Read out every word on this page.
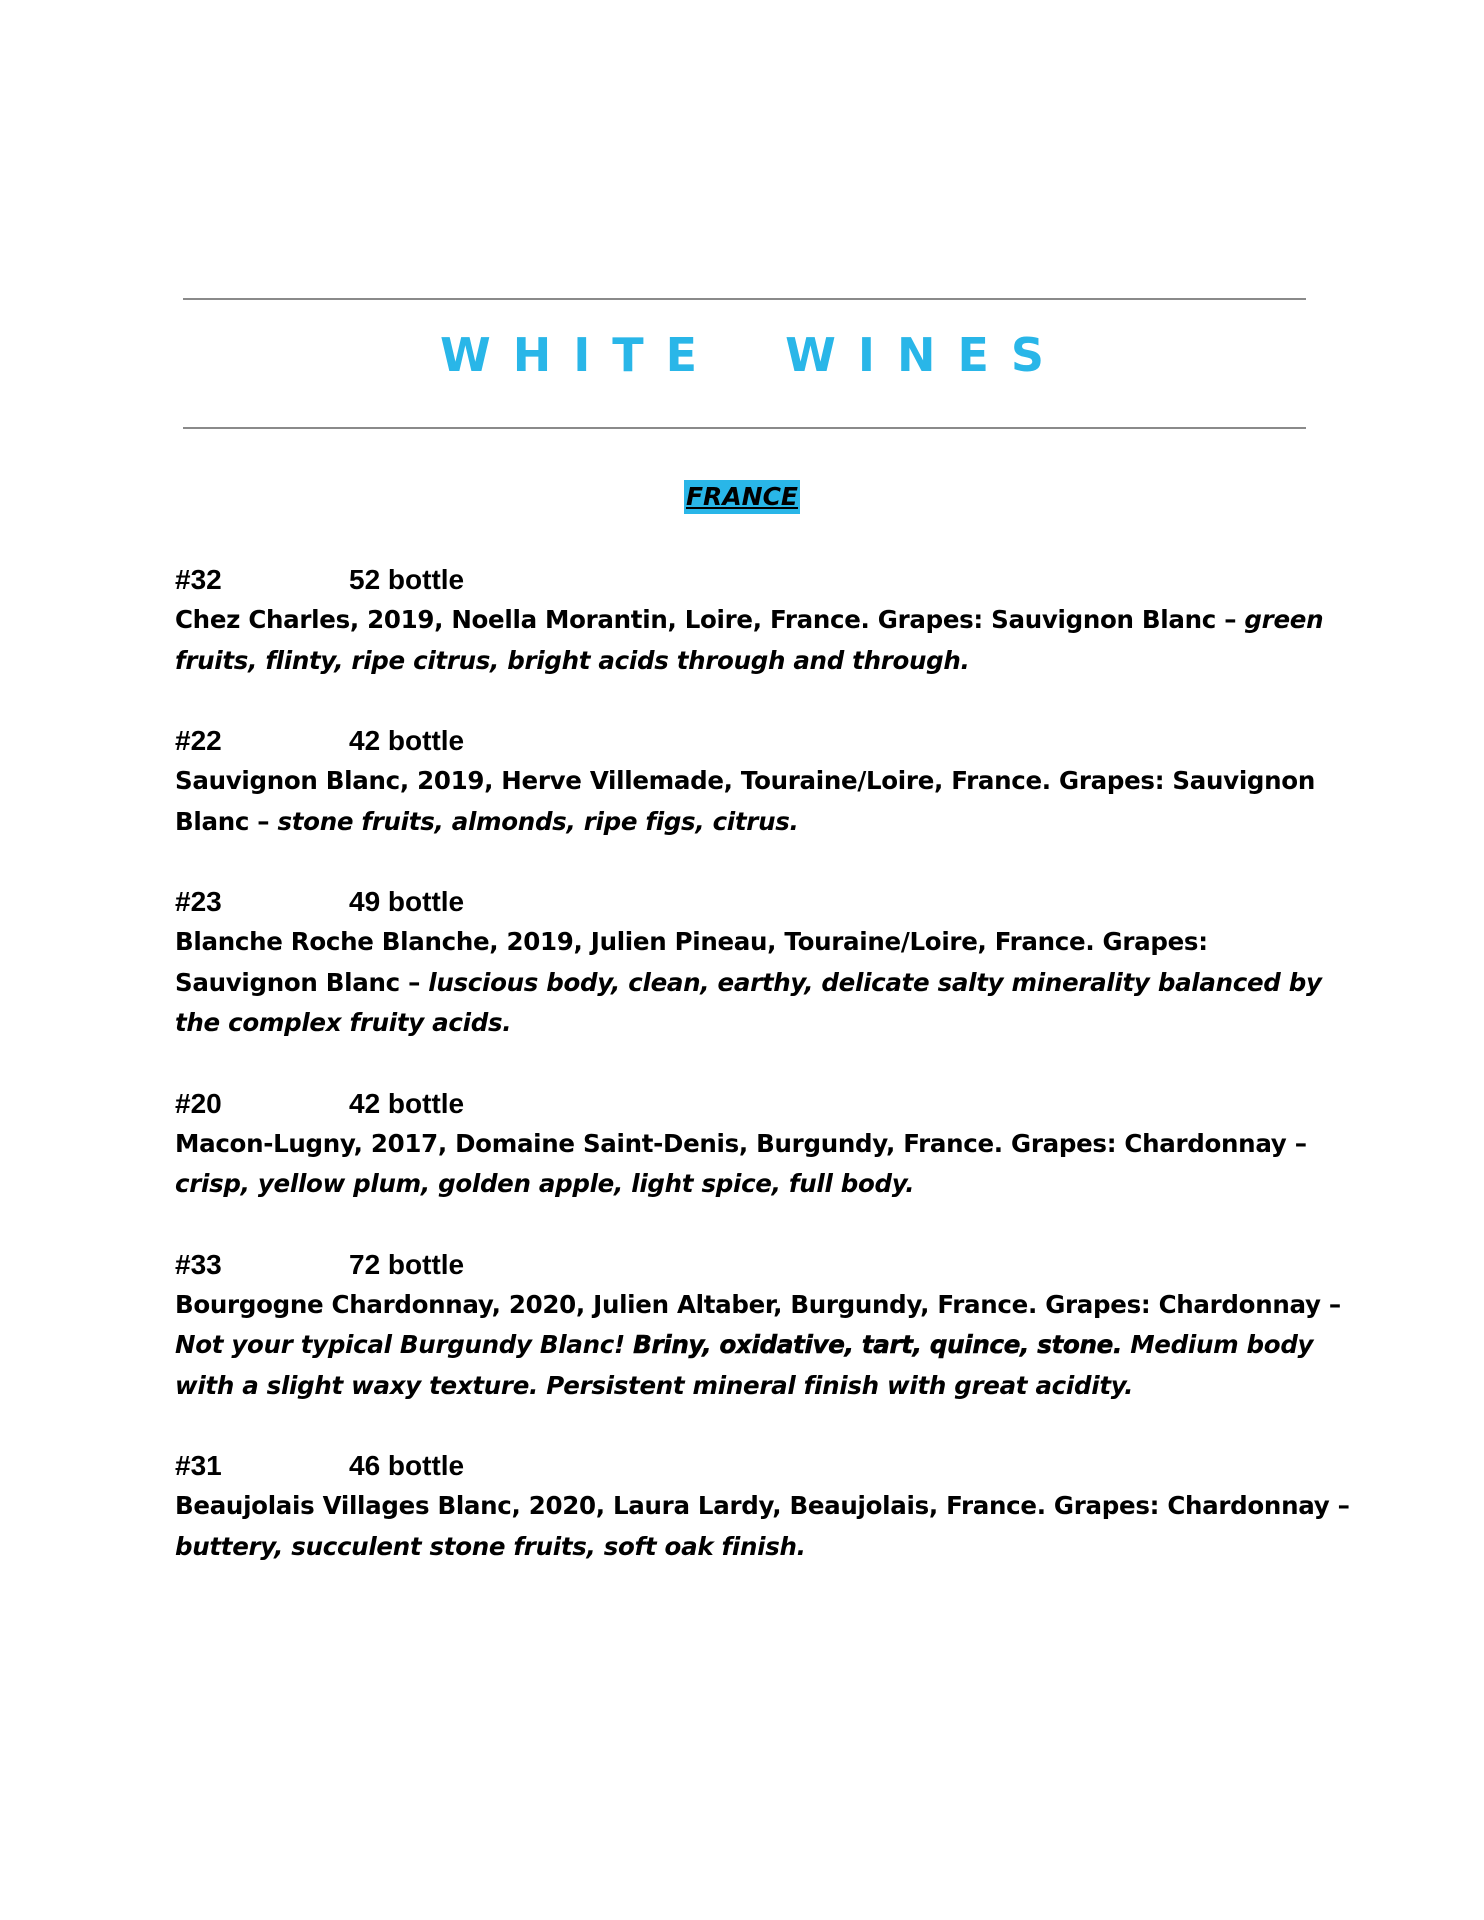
WHITE WINES
FRANCE
#32	52 bottle
Chez Charles, 2019, Noella Morantin, Loire, France. Grapes: Sauvignon Blanc – green fruits, flinty, ripe citrus, bright acids through and through.
#22	42 bottle
Sauvignon Blanc, 2019, Herve Villemade, Touraine/Loire, France. Grapes: Sauvignon Blanc – stone fruits, almonds, ripe figs, citrus.
#23	49 bottle
Blanche Roche Blanche, 2019, Julien Pineau, Touraine/Loire, France. Grapes: Sauvignon Blanc – luscious body, clean, earthy, delicate salty minerality balanced by the complex fruity acids.
#20	42 bottle
Macon-Lugny, 2017, Domaine Saint-Denis, Burgundy, France. Grapes: Chardonnay – crisp, yellow plum, golden apple, light spice, full body.
#33	72 bottle
Bourgogne Chardonnay, 2020, Julien Altaber, Burgundy, France. Grapes: Chardonnay – Not your typical Burgundy Blanc! Briny, oxidative, tart, quince, stone. Medium body with a slight waxy texture. Persistent mineral finish with great acidity.
#31	46 bottle
Beaujolais Villages Blanc, 2020, Laura Lardy, Beaujolais, France. Grapes: Chardonnay – buttery, succulent stone fruits, soft oak finish.
